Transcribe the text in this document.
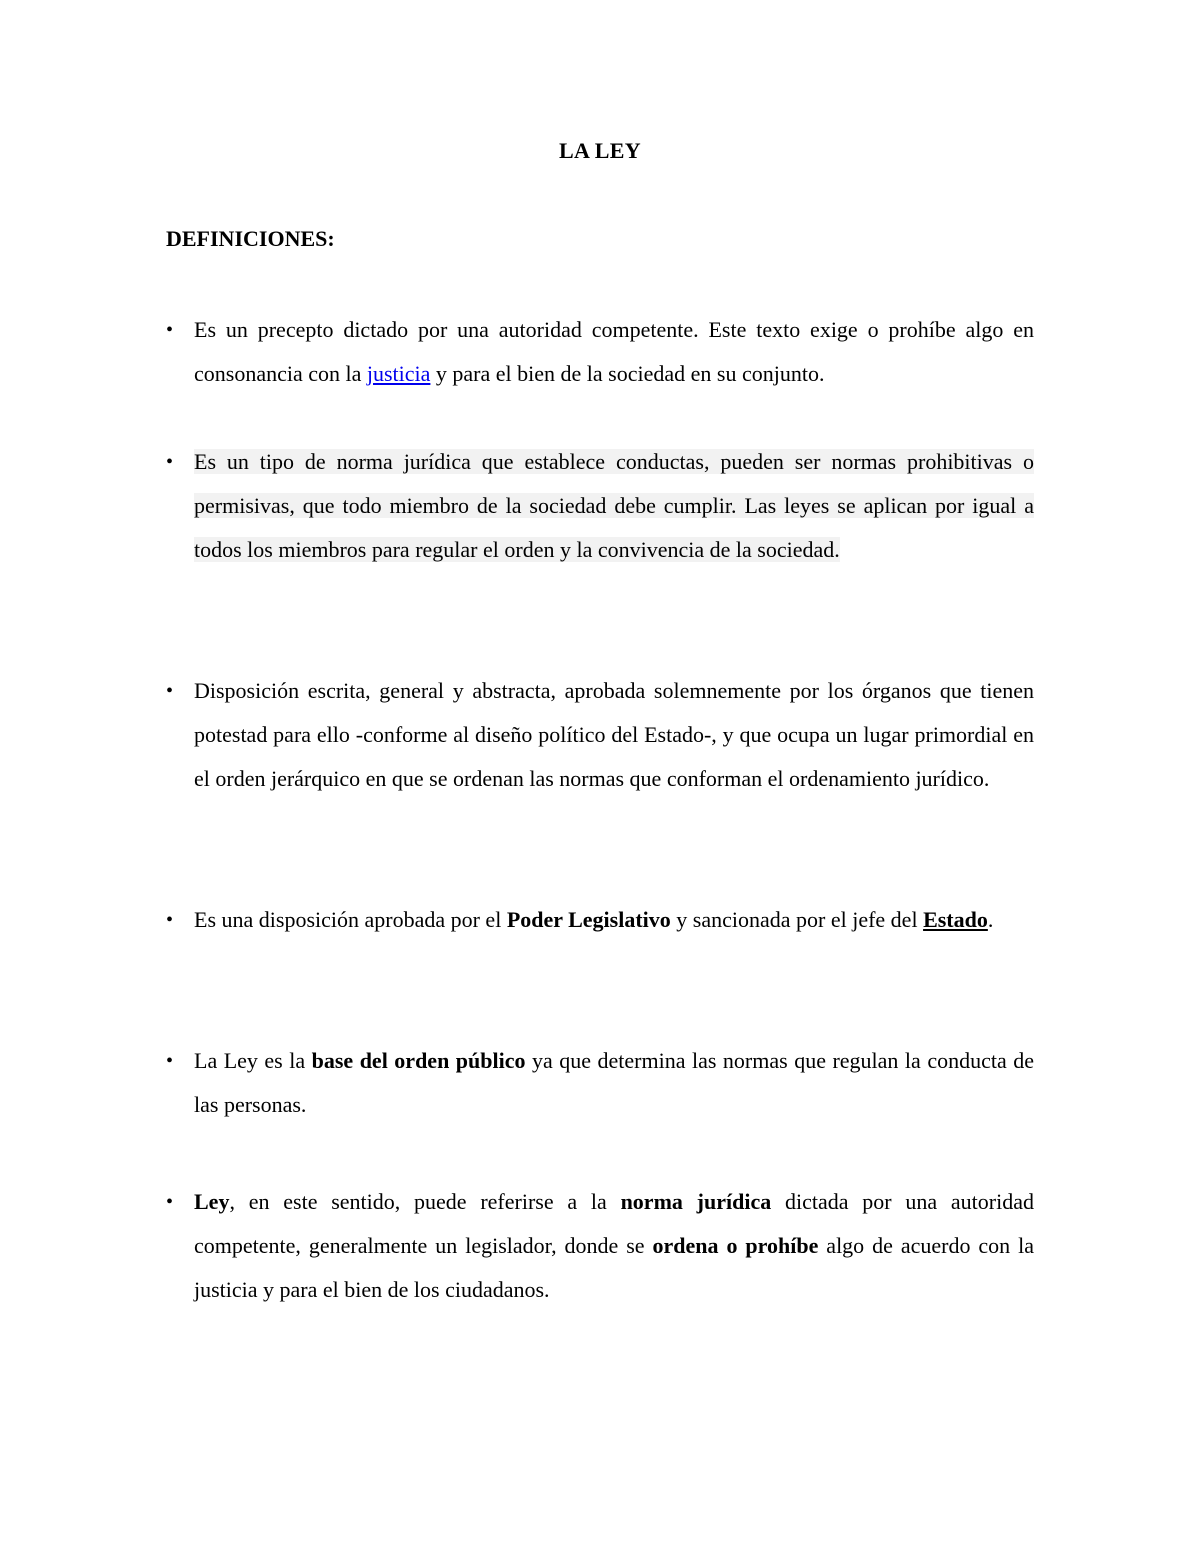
LA LEY
DEFINICIONES:
• Es un precepto dictado por una autoridad competente. Este texto exige o prohíbe algo en consonancia con la justicia y para el bien de la sociedad en su conjunto.
• Es un tipo de norma jurídica que establece conductas, pueden ser normas prohibitivas o permisivas, que todo miembro de la sociedad debe cumplir. Las leyes se aplican por igual a todos los miembros para regular el orden y la convivencia de la sociedad.
• Disposición escrita, general y abstracta, aprobada solemnemente por los órganos que tienen potestad para ello -conforme al diseño político del Estado-, y que ocupa un lugar primordial en el orden jerárquico en que se ordenan las normas que conforman el ordenamiento jurídico.
• Es una disposición aprobada por el Poder Legislativo y sancionada por el jefe del Estado.
• La Ley es la base del orden público ya que determina las normas que regulan la conducta de las personas.
• Ley, en este sentido, puede referirse a la norma jurídica dictada por una autoridad competente, generalmente un legislador, donde se ordena o prohíbe algo de acuerdo con la justicia y para el bien de los ciudadanos.
